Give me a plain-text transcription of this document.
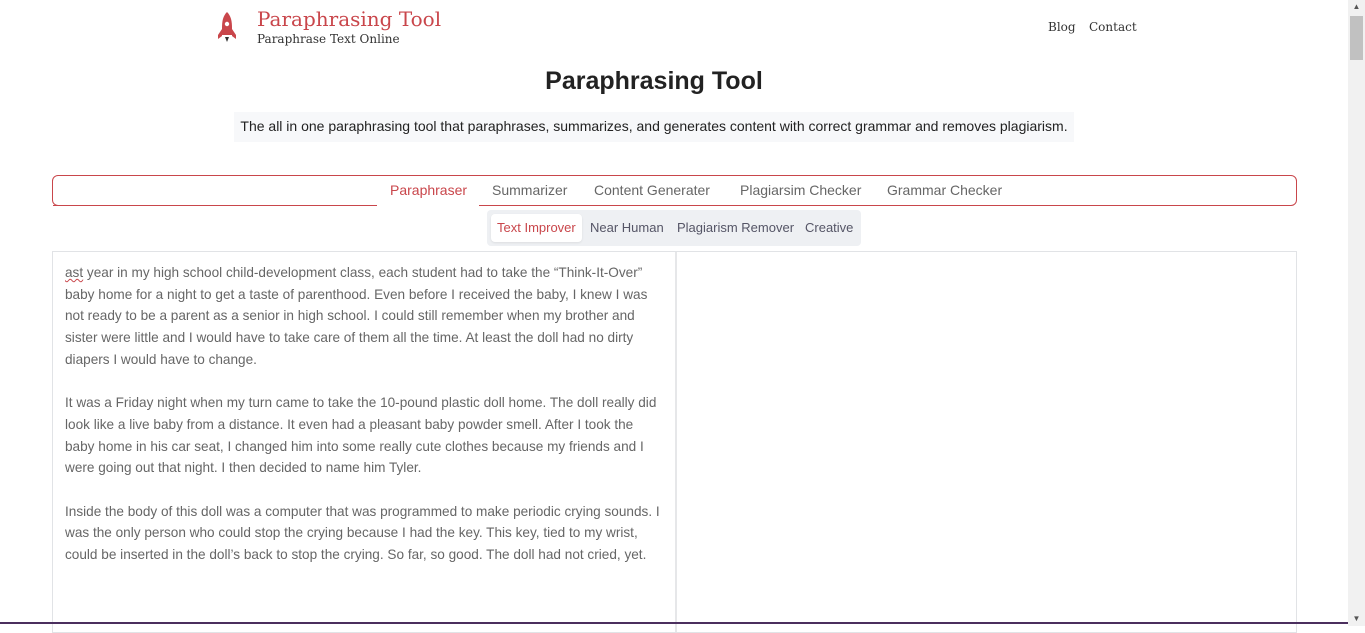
Paraphrasing Tool
Paraphrase Text Online
Blog Contact
Paraphrasing Tool
The all in one paraphrasing tool that paraphrases, summarizes, and generates content with correct grammar and removes plagiarism.
Paraphraser Summarizer Content Generater Plagiarsim Checker Grammar Checker
Text Improver	Near Human Plagiarism Remover Creative

ast year in my high school child-development class, each student had to take the “Think-It-Over” baby home for a night to get a taste of parenthood. Even before I received the baby, I knew I was not ready to be a parent as a senior in high school. I could still remember when my brother and sister were little and I would have to take care of them all the time. At least the doll had no dirty diapers I would have to change.

It was a Friday night when my turn came to take the 10-pound plastic doll home. The doll really did look like a live baby from a distance. It even had a pleasant baby powder smell. After I took the baby home in his car seat, I changed him into some really cute clothes because my friends and I were going out that night. I then decided to name him Tyler.

Inside the body of this doll was a computer that was programmed to make periodic crying sounds. I was the only person who could stop the crying because I had the key. This key, tied to my wrist, could be inserted in the doll’s back to stop the crying. So far, so good. The doll had not cried, yet.

▲
▼
